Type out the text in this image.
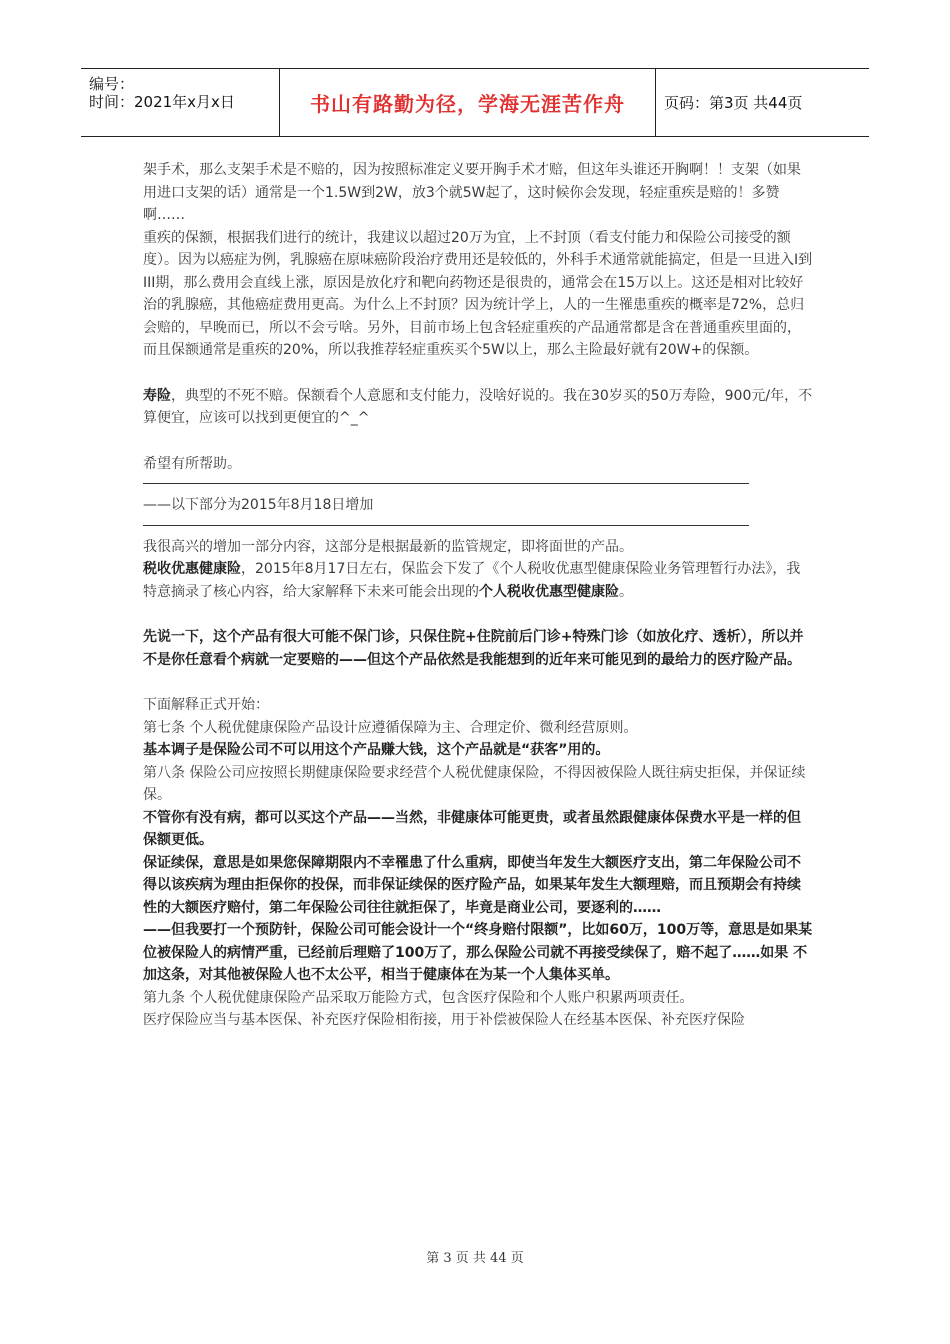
编号：
时间：2021年x月x日	书山有路勤为径，学海无涯苦作舟	页码：第3页 共44页

架手术，那么支架手术是不赔的，因为按照标准定义要开胸手术才赔，但这年头谁还开胸啊！！支架（如果用进口支架的话）通常是一个1.5W到2W，放3个就5W起了，这时候你会发现，轻症重疾是赔的！多赞啊……

重疾的保额，根据我们进行的统计，我建议以超过20万为宜，上不封顶（看支付能力和保险公司接受的额度）。因为以癌症为例，乳腺癌在原味癌阶段治疗费用还是较低的，外科手术通常就能搞定，但是一旦进入I到III期，那么费用会直线上涨，原因是放化疗和靶向药物还是很贵的，通常会在15万以上。这还是相对比较好治的乳腺癌，其他癌症费用更高。为什么上不封顶？因为统计学上，人的一生罹患重疾的概率是72%，总归会赔的，早晚而已，所以不会亏啥。另外，目前市场上包含轻症重疾的产品通常都是含在普通重疾里面的，而且保额通常是重疾的20%，所以我推荐轻症重疾买个5W以上，那么主险最好就有20W+的保额。

寿险，典型的不死不赔。保额看个人意愿和支付能力，没啥好说的。我在30岁买的50万寿险，900元/年，不算便宜，应该可以找到更便宜的^_^

希望有所帮助。

——以下部分为2015年8月18日增加

我很高兴的增加一部分内容，这部分是根据最新的监管规定，即将面世的产品。

税收优惠健康险，2015年8月17日左右，保监会下发了《个人税收优惠型健康保险业务管理暂行办法》，我特意摘录了核心内容，给大家解释下未来可能会出现的个人税收优惠型健康险。

先说一下，这个产品有很大可能不保门诊，只保住院+住院前后门诊+特殊门诊（如放化疗、透析），所以并不是你任意看个病就一定要赔的——但这个产品依然是我能想到的近年来可能见到的最给力的医疗险产品。

下面解释正式开始：

第七条 个人税优健康保险产品设计应遵循保障为主、合理定价、微利经营原则。

基本调子是保险公司不可以用这个产品赚大钱，这个产品就是“获客”用的。

第八条 保险公司应按照长期健康保险要求经营个人税优健康保险，不得因被保险人既往病史拒保，并保证续保。

不管你有没有病，都可以买这个产品——当然，非健康体可能更贵，或者虽然跟健康体保费水平是一样的但保额更低。

保证续保，意思是如果您保障期限内不幸罹患了什么重病，即使当年发生大额医疗支出，第二年保险公司不得以该疾病为理由拒保你的投保，而非保证续保的医疗险产品，如果某年发生大额理赔，而且预期会有持续性的大额医疗赔付，第二年保险公司往往就拒保了，毕竟是商业公司，要逐利的……

——但我要打一个预防针，保险公司可能会设计一个“终身赔付限额”，比如60万，100万等，意思是如果某位被保险人的病情严重，已经前后理赔了100万了，那么保险公司就不再接受续保了，赔不起了……如果 不加这条，对其他被保险人也不太公平，相当于健康体在为某一个人集体买单。

第九条 个人税优健康保险产品采取万能险方式，包含医疗保险和个人账户积累两项责任。

医疗保险应当与基本医保、补充医疗保险相衔接，用于补偿被保险人在经基本医保、补充医疗保险

第 3 页 共 44 页
